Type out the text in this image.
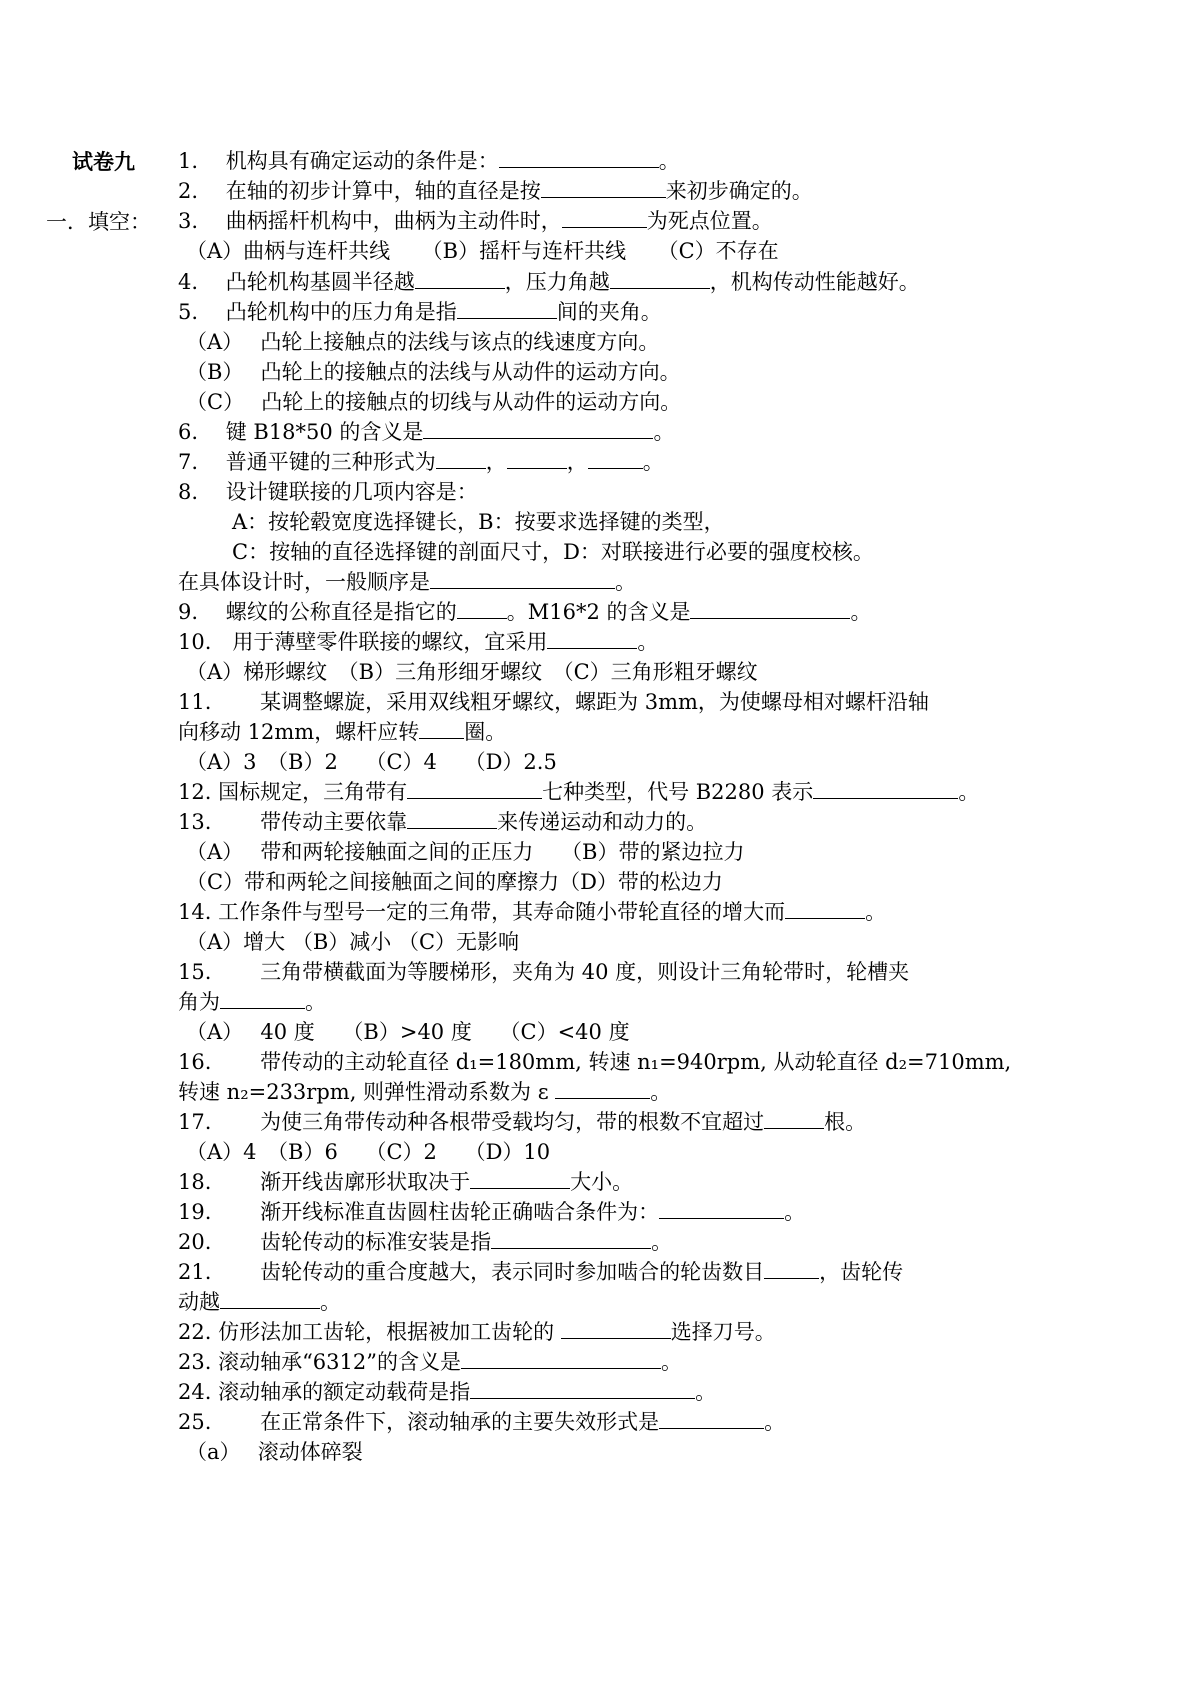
试卷九
一．填空：
1.　 机构具有确定运动的条件是：	。
2.　 在轴的初步计算中，轴的直径是按	来初步确定的。
3.　 曲柄摇杆机构中，曲柄为主动件时，	为死点位置。
（A）曲柄与连杆共线　　（B）摇杆与连杆共线　　（C）不存在
4.　 凸轮机构基圆半径越	，压力角越	，机构传动性能越好。
5.　 凸轮机构中的压力角是指	间的夹角。
（A）　 凸轮上接触点的法线与该点的线速度方向。
（B）　 凸轮上的接触点的法线与从动件的运动方向。
（C）　 凸轮上的接触点的切线与从动件的运动方向。
6.　 键 B18*50 的含义是	。
7.　 普通平键的三种形式为 ，	，	。
8.　 设计键联接的几项内容是：
A：按轮毂宽度选择键长，B：按要求选择键的类型，
C：按轴的直径选择键的剖面尺寸，D：对联接进行必要的强度校核。
在具体设计时，一般顺序是	。
9.　 螺纹的公称直径是指它的 。M16*2 的含义是	。
10.　用于薄壁零件联接的螺纹，宜采用	。
（A）梯形螺纹　（B）三角形细牙螺纹　（C）三角形粗牙螺纹
11.　　 某调整螺旋，采用双线粗牙螺纹，螺距为 3mm，为使螺母相对螺杆沿轴
向移动 12mm，螺杆应转 圈。
（A）3　（B）2　 （C）4　 （D）2.5
12. 国标规定，三角带有	七种类型，代号 B2280 表示	。
13.　　 带传动主要依靠	来传递运动和动力的。
（A）　 带和两轮接触面之间的正压力　 （B）带的紧边拉力
（C）带和两轮之间接触面之间的摩擦力（D）带的松边力
14. 工作条件与型号一定的三角带，其寿命随小带轮直径的增大而	。
（A）增大 （B）减小 （C）无影响
15.　　 三角带横截面为等腰梯形，夹角为 40 度，则设计三角轮带时，轮槽夹
角为	。
（A）　 40 度　 （B）>40 度　 （C）<40 度
16.　　 带传动的主动轮直径 d₁=180mm, 转速 n₁=940rpm, 从动轮直径 d₂=710mm,
转速 n₂=233rpm, 则弹性滑动系数为 ε	。
17.　　 为使三角带传动种各根带受载均匀，带的根数不宜超过	根。
（A）4　（B）6　 （C）2　 （D）10
18.　　 渐开线齿廓形状取决于	大小。
19.　　 渐开线标准直齿圆柱齿轮正确啮合条件为：	。
20.　　 齿轮传动的标准安装是指	。
21.　　 齿轮传动的重合度越大，表示同时参加啮合的轮齿数目	，齿轮传
动越	。
22. 仿形法加工齿轮，根据被加工齿轮的	选择刀号。
23. 滚动轴承“6312”的含义是	。
24. 滚动轴承的额定动载荷是指	。
25.　　 在正常条件下，滚动轴承的主要失效形式是	。
（a）　 滚动体碎裂
